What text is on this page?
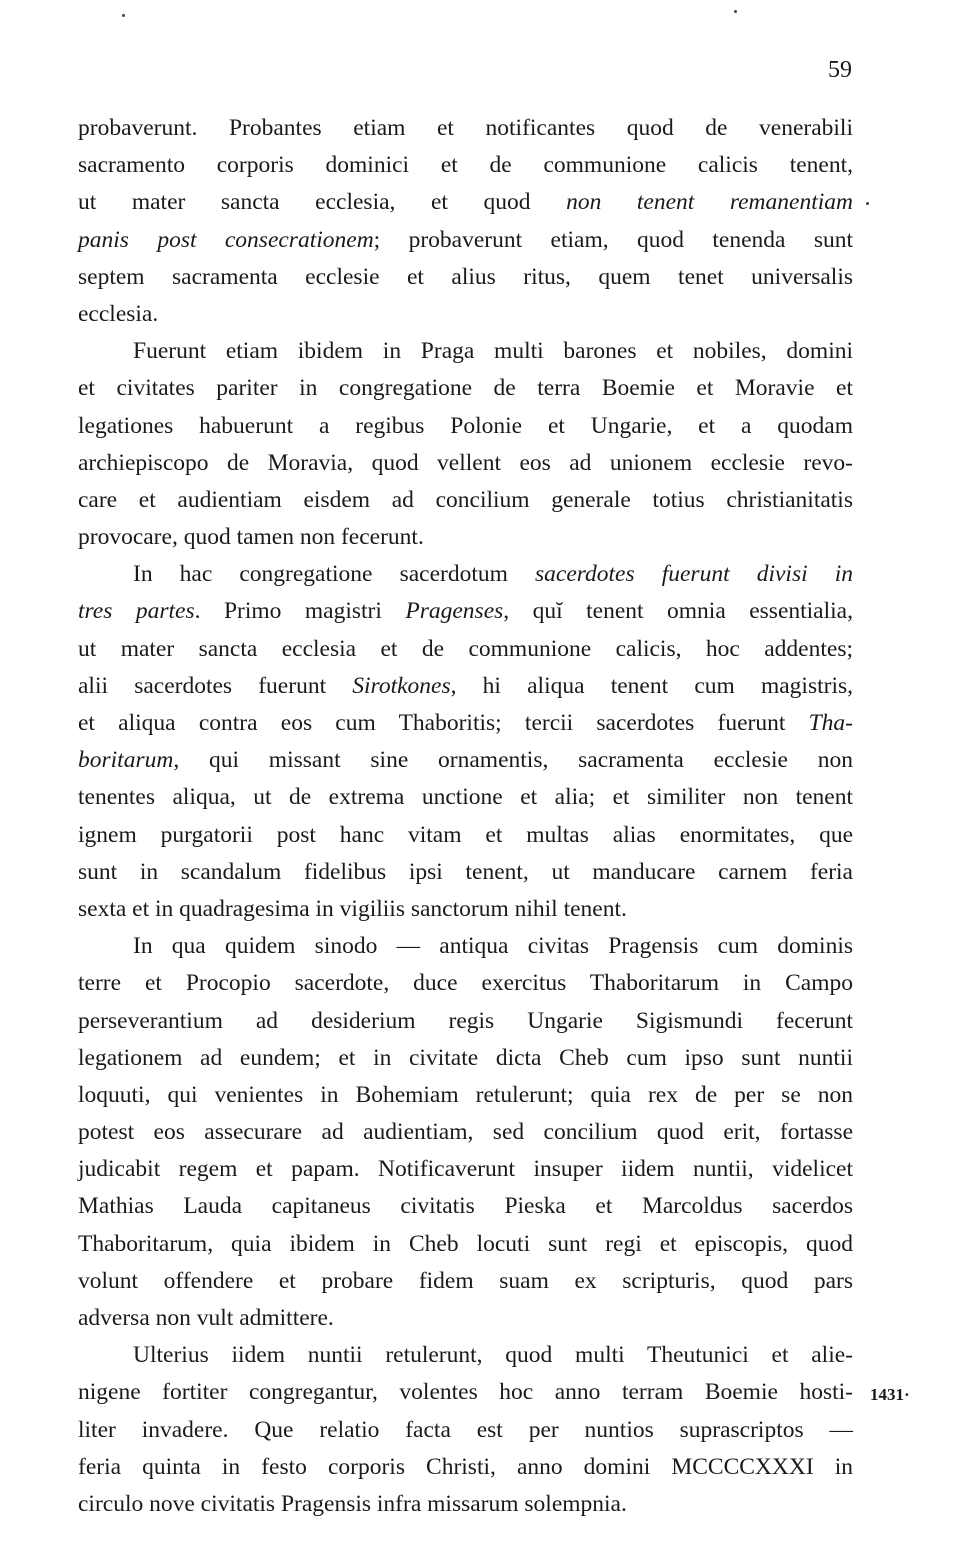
59
probaverunt. Probantes etiam et notificantes quod de venerabili
sacramento corporis dominici et de communione calicis tenent,
ut mater sancta ecclesia, et quod non tenent remanentiam
panis post consecrationem; probaverunt etiam, quod tenenda sunt
septem sacramenta ecclesie et alius ritus, quem tenet universalis
ecclesia.
Fuerunt etiam ibidem in Praga multi barones et nobiles, domini
et civitates pariter in congregatione de terra Boemie et Moravie et
legationes habuerunt a regibus Polonie et Ungarie, et a quodam
archiepiscopo de Moravia, quod vellent eos ad unionem ecclesie revo-
care et audientiam eisdem ad concilium generale totius christianitatis
provocare, quod tamen non fecerunt.
In hac congregatione sacerdotum sacerdotes fuerunt divisi in
tres partes. Primo magistri Pragenses, quĭ tenent omnia essentialia,
ut mater sancta ecclesia et de communione calicis, hoc addentes;
alii sacerdotes fuerunt Sirotkones, hi aliqua tenent cum magistris,
et aliqua contra eos cum Thaboritis; tercii sacerdotes fuerunt Tha-
boritarum, qui missant sine ornamentis, sacramenta ecclesie non
tenentes aliqua, ut de extrema unctione et alia; et similiter non tenent
ignem purgatorii post hanc vitam et multas alias enormitates, que
sunt in scandalum fidelibus ipsi tenent, ut manducare carnem feria
sexta et in quadragesima in vigiliis sanctorum nihil tenent.
In qua quidem sinodo — antiqua civitas Pragensis cum dominis
terre et Procopio sacerdote, duce exercitus Thaboritarum in Campo
perseverantium ad desiderium regis Ungarie Sigismundi fecerunt
legationem ad eundem; et in civitate dicta Cheb cum ipso sunt nuntii
loquuti, qui venientes in Bohemiam retulerunt; quia rex de per se non
potest eos assecurare ad audientiam, sed concilium quod erit, fortasse
judicabit regem et papam. Notificaverunt insuper iidem nuntii, videlicet
Mathias Lauda capitaneus civitatis Pieska et Marcoldus sacerdos
Thaboritarum, quia ibidem in Cheb locuti sunt regi et episcopis, quod
volunt offendere et probare fidem suam ex scripturis, quod pars
adversa non vult admittere.
Ulterius iidem nuntii retulerunt, quod multi Theutunici et alie-
nigene fortiter congregantur, volentes hoc anno terram Boemie hosti-
liter invadere. Que relatio facta est per nuntios suprascriptos —
feria quinta in festo corporis Christi, anno domini MCCCCXXXI in
circulo nove civitatis Pragensis infra missarum solempnia.
1431·
